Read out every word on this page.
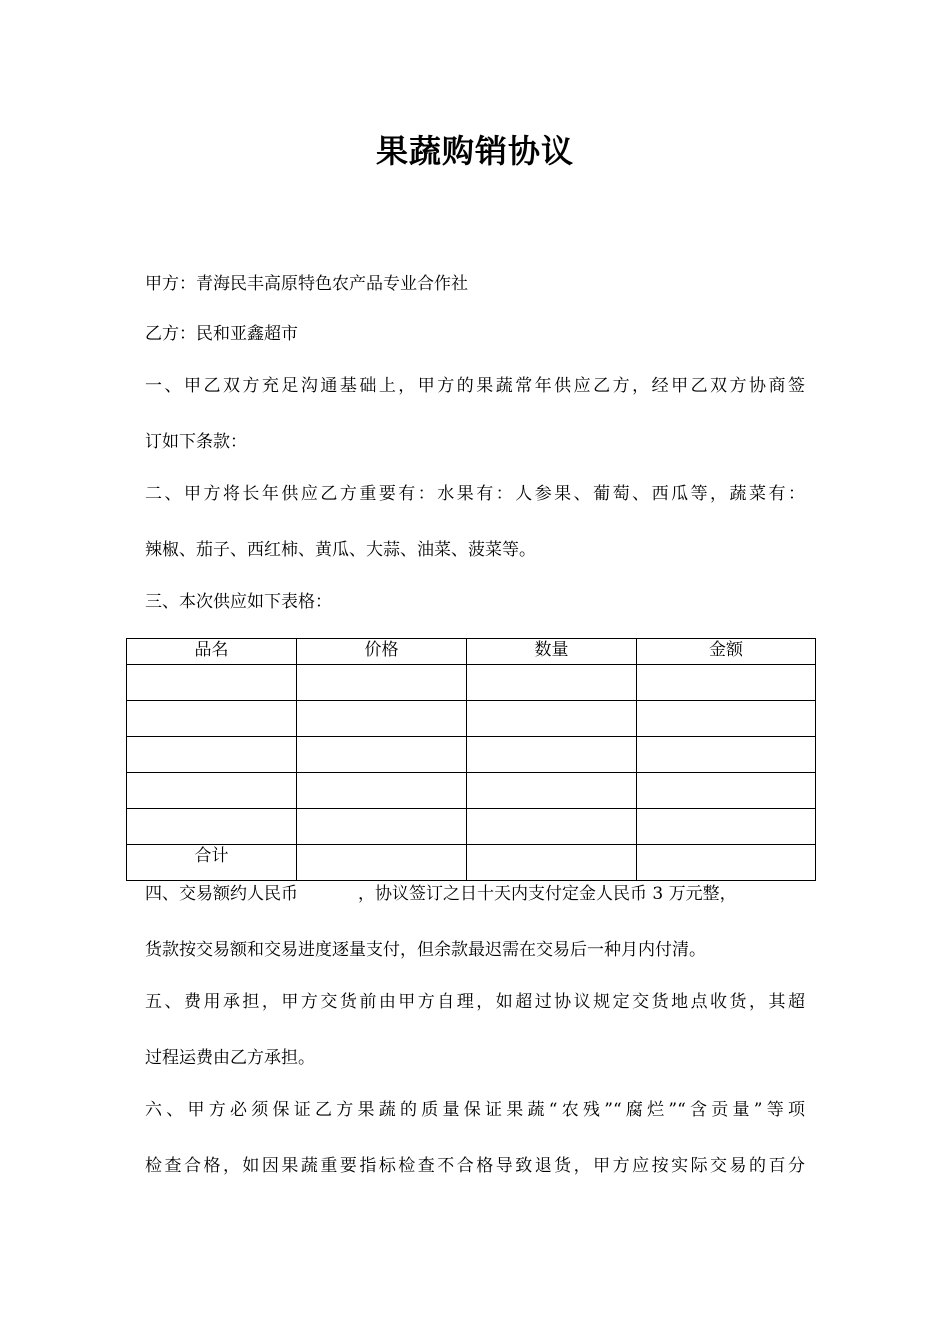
果蔬购销协议
甲方：青海民丰高原特色农产品专业合作社
乙方：民和亚鑫超市
一、甲乙双方充足沟通基础上，甲方的果蔬常年供应乙方，经甲乙双方协商签
订如下条款：
二、甲方将长年供应乙方重要有：水果有：人参果、葡萄、西瓜等，蔬菜有：
辣椒、茄子、西红柿、黄瓜、大蒜、油菜、菠菜等。
三、本次供应如下表格：
品名	价格	数量	金额

合计			
四、交易额约人民币	，协议签订之日十天内支付定金人民币 3 万元整，
货款按交易额和交易进度逐量支付，但余款最迟需在交易后一种月内付清。
五、费用承担，甲方交货前由甲方自理，如超过协议规定交货地点收货，其超
过程运费由乙方承担。
六、甲方必须保证乙方果蔬的质量保证果蔬“农残”“腐烂”“含贡量”等项
检查合格，如因果蔬重要指标检查不合格导致退货，甲方应按实际交易的百分
